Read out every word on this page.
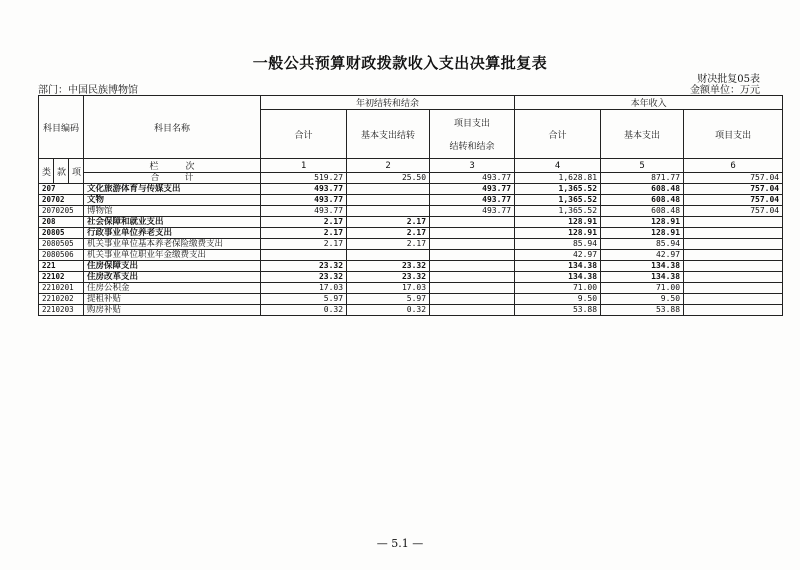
一般公共预算财政拨款收入支出决算批复表
财决批复05表
部门：中国民族博物馆	金额单位：万元
科目编码			科目名称	年初结转和结余			本年收入		
				合计	基本支出结转	项目支出

结转和结余	合计	基本支出	项目支出
类	款	项	栏　　　次	1	2	3	4	5	6
			合　　　计	519.27	25.50	493.77	1,628.81	871.77	757.04
207			文化旅游体育与传媒支出	493.77		493.77	1,365.52	608.48	757.04
20702			文物	493.77		493.77	1,365.52	608.48	757.04
2070205			博物馆	493.77		493.77	1,365.52	608.48	757.04
208			社会保障和就业支出	2.17	2.17		128.91	128.91	
20805			行政事业单位养老支出	2.17	2.17		128.91	128.91	
2080505			机关事业单位基本养老保险缴费支出	2.17	2.17		85.94	85.94	
2080506			机关事业单位职业年金缴费支出				42.97	42.97	
221			住房保障支出	23.32	23.32		134.38	134.38	
22102			住房改革支出	23.32	23.32		134.38	134.38	
2210201			住房公积金	17.03	17.03		71.00	71.00	
2210202			提租补贴	5.97	5.97		9.50	9.50	
2210203			购房补贴	0.32	0.32		53.88	53.88	
— 5.1 —
